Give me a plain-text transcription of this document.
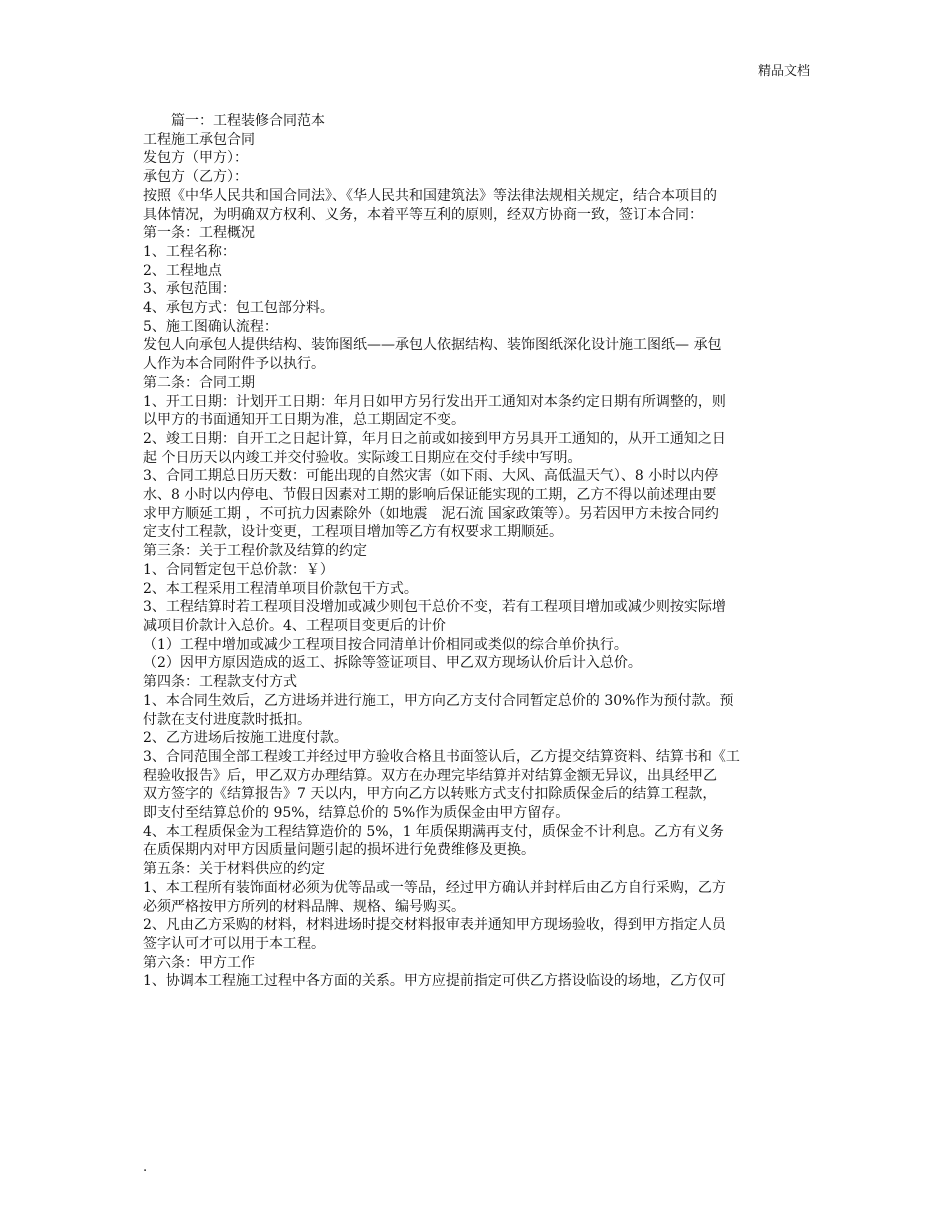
精品文档

　　篇一：工程装修合同范本

工程施工承包合同

发包方（甲方）：

承包方（乙方）：

按照《中华人民共和国合同法》、《华人民共和国建筑法》等法律法规相关规定，结合本项目的

具体情况，为明确双方权利、义务，本着平等互利的原则，经双方协商一致，签订本合同：

第一条：工程概况

1、工程名称：

2、工程地点

3、承包范围：

4、承包方式：包工包部分料。

5、施工图确认流程：

发包人向承包人提供结构、装饰图纸——承包人依据结构、装饰图纸深化设计施工图纸— 承包

人作为本合同附件予以执行。

第二条：合同工期

1、开工日期：计划开工日期：年月日如甲方另行发出开工通知对本条约定日期有所调整的，则

以甲方的书面通知开工日期为准，总工期固定不变。

2、竣工日期：自开工之日起计算，年月日之前或如接到甲方另具开工通知的，从开工通知之日

起 个日历天以内竣工并交付验收。实际竣工日期应在交付手续中写明。

3、合同工期总日历天数：可能出现的自然灾害（如下雨、大风、高低温天气）、8 小时以内停

水、8 小时以内停电、节假日因素对工期的影响后保证能实现的工期，乙方不得以前述理由要

求甲方顺延工期 ，不可抗力因素除外（如地震　泥石流 国家政策等）。另若因甲方未按合同约

定支付工程款，设计变更，工程项目增加等乙方有权要求工期顺延。

第三条：关于工程价款及结算的约定

1、合同暂定包干总价款：￥）

2、本工程采用工程清单项目价款包干方式。

3、工程结算时若工程项目没增加或减少则包干总价不变，若有工程项目增加或减少则按实际增

减项目价款计入总价。4、工程项目变更后的计价

（1）工程中增加或减少工程项目按合同清单计价相同或类似的综合单价执行。

（2）因甲方原因造成的返工、拆除等签证项目、甲乙双方现场认价后计入总价。

第四条：工程款支付方式

1、本合同生效后，乙方进场并进行施工，甲方向乙方支付合同暂定总价的 30%作为预付款。预

付款在支付进度款时抵扣。

2、乙方进场后按施工进度付款。

3、合同范围全部工程竣工并经过甲方验收合格且书面签认后，乙方提交结算资料、结算书和《工

程验收报告》后，甲乙双方办理结算。双方在办理完毕结算并对结算金额无异议，出具经甲乙

双方签字的《结算报告》7 天以内，甲方向乙方以转账方式支付扣除质保金后的结算工程款，

即支付至结算总价的 95%，结算总价的 5%作为质保金由甲方留存。

4、本工程质保金为工程结算造价的 5%，1 年质保期满再支付，质保金不计利息。乙方有义务

在质保期内对甲方因质量问题引起的损坏进行免费维修及更换。

第五条：关于材料供应的约定

1、本工程所有装饰面材必须为优等品或一等品，经过甲方确认并封样后由乙方自行采购，乙方

必须严格按甲方所列的材料品牌、规格、编号购买。

2、凡由乙方采购的材料，材料进场时提交材料报审表并通知甲方现场验收，得到甲方指定人员

签字认可才可以用于本工程。

第六条：甲方工作

1、协调本工程施工过程中各方面的关系。甲方应提前指定可供乙方搭设临设的场地，乙方仅可

.
